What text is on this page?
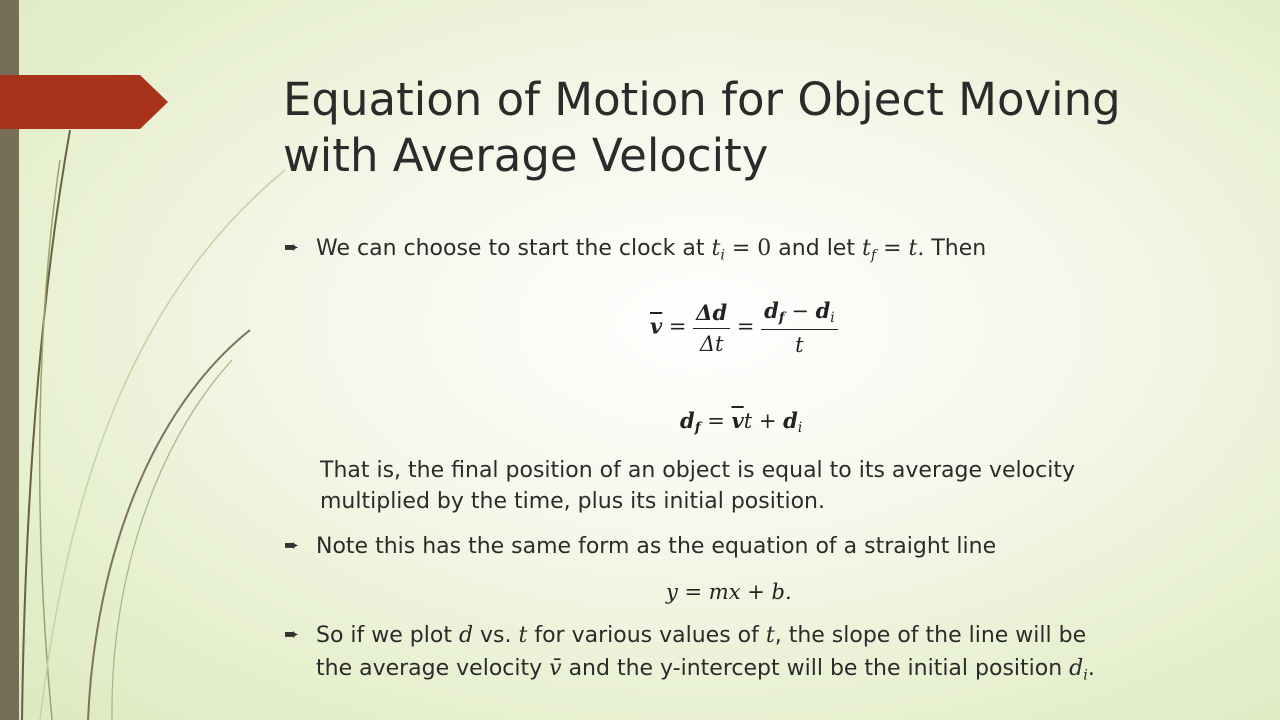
Equation of Motion for Object Moving
with Average Velocity
➨ We can choose to start the clock at $t_i = 0$ and let $t_f = t$. Then
$\overline{v} = \frac{\Delta d}{\Delta t} = \frac{d_f - d_i}{t}$
$d_f = \overline{v}t + d_i$
That is, the final position of an object is equal to its average velocity
multiplied by the time, plus its initial position.
➨ Note this has the same form as the equation of a straight line
y = mx + b.
➨ So if we plot d vs. t for various values of t, the slope of the line will be
the average velocity v̄ and the y-intercept will be the initial position $d_i$.
